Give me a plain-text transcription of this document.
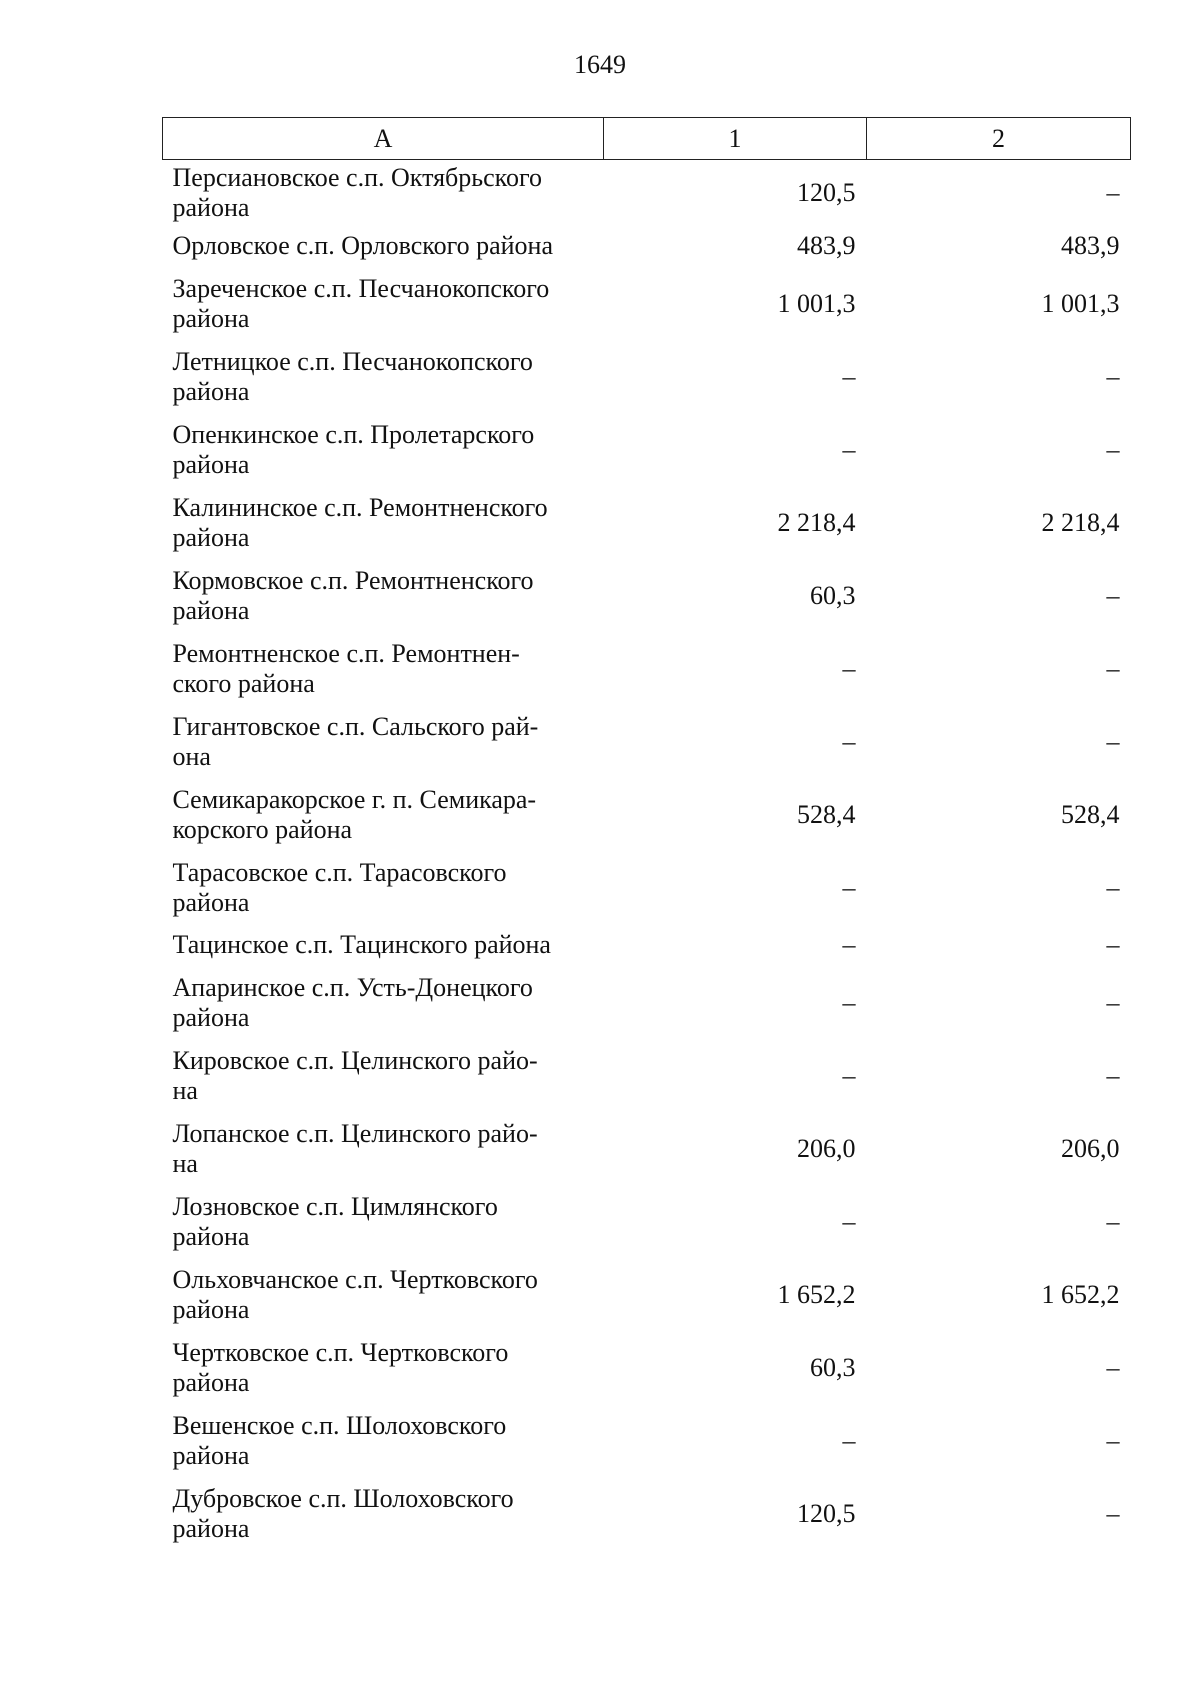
1649
А	1	2

Персиановское с.п. Октябрьского
района	120,5	–

Орловское с.п. Орловского района	483,9	483,9

Зареченское с.п. Песчанокопского
района	1 001,3	1 001,3

Летницкое с.п. Песчанокопского
района	–	–

Опенкинское с.п. Пролетарского
района	–	–

Калининское с.п. Ремонтненского
района	2 218,4	2 218,4

Кормовское с.п. Ремонтненского
района	60,3	–

Ремонтненское с.п. Ремонтнен-
ского района	–	–

Гигантовское с.п. Сальского рай-
она	–	–

Семикаракорское г. п. Семикара-
корского района	528,4	528,4

Тарасовское с.п. Тарасовского
района	–	–

Тацинское с.п. Тацинского района	–	–

Апаринское с.п. Усть-Донецкого
района	–	–

Кировское с.п. Целинского райо-
на	–	–

Лопанское с.п. Целинского райо-
на	206,0	206,0

Лозновское с.п. Цимлянского
района	–	–

Ольховчанское с.п. Чертковского
района	1 652,2	1 652,2

Чертковское с.п. Чертковского
района	60,3	–

Вешенское с.п. Шолоховского
района	–	–

Дубровское с.п. Шолоховского
района	120,5	–
